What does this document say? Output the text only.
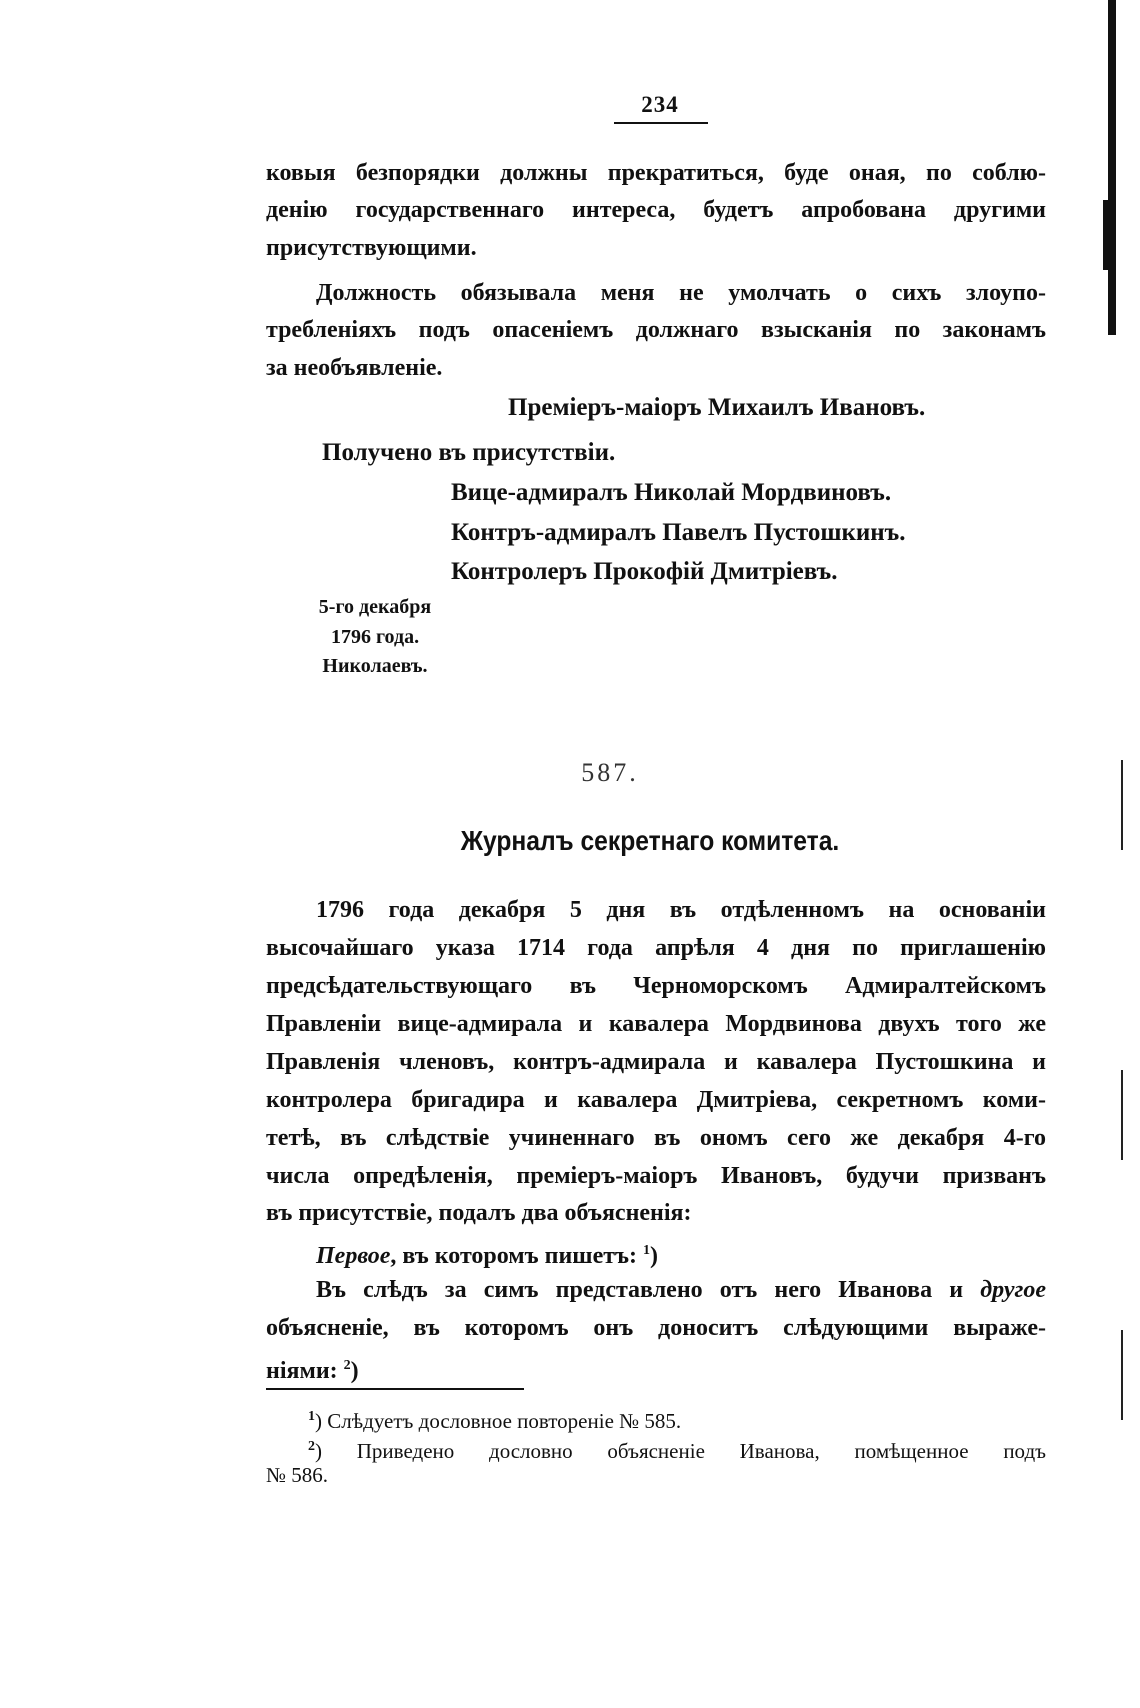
234
ковыя безпорядки должны прекратиться, буде оная, по соблю-
денію государственнаго интереса, будетъ апробована другими
присутствующими.
Должность обязывала меня не умолчать о сихъ злоупо-
требленіяхъ подъ опасеніемъ должнаго взысканія по законамъ
за необъявленіе.
Преміеръ-маіоръ Михаилъ Ивановъ.
Получено въ присутствіи.
Вице-адмиралъ Николай Мордвиновъ.
Контръ-адмиралъ Павелъ Пустошкинъ.
Контролеръ Прокофій Дмитріевъ.
5-го декабря
1796 года.
Николаевъ.
587.
Журналъ секретнаго комитета.
1796 года декабря 5 дня въ отдѣленномъ на основаніи
высочайшаго указа 1714 года апрѣля 4 дня по приглашенію
предсѣдательствующаго въ Черноморскомъ Адмиралтейскомъ
Правленіи вице-адмирала и кавалера Мордвинова двухъ того же
Правленія членовъ, контръ-адмирала и кавалера Пустошкина и
контролера бригадира и кавалера Дмитріева, секретномъ коми-
тетѣ, въ слѣдствіе учиненнаго въ ономъ сего же декабря 4-го
числа опредѣленія, преміеръ-маіоръ Ивановъ, будучи призванъ
въ присутствіе, подалъ два объясненія:
Первое, въ которомъ пишетъ: $^1$)
Въ слѣдъ за симъ представлено отъ него Иванова и другое
объясненіе, въ которомъ онъ доноситъ слѣдующими выраже-
ніями: $^2$)
$^1$) Слѣдуетъ дословное повтореніе № 585.
$^2$) Приведено дословно объясненіе Иванова, помѣщенное подъ
№ 586.
